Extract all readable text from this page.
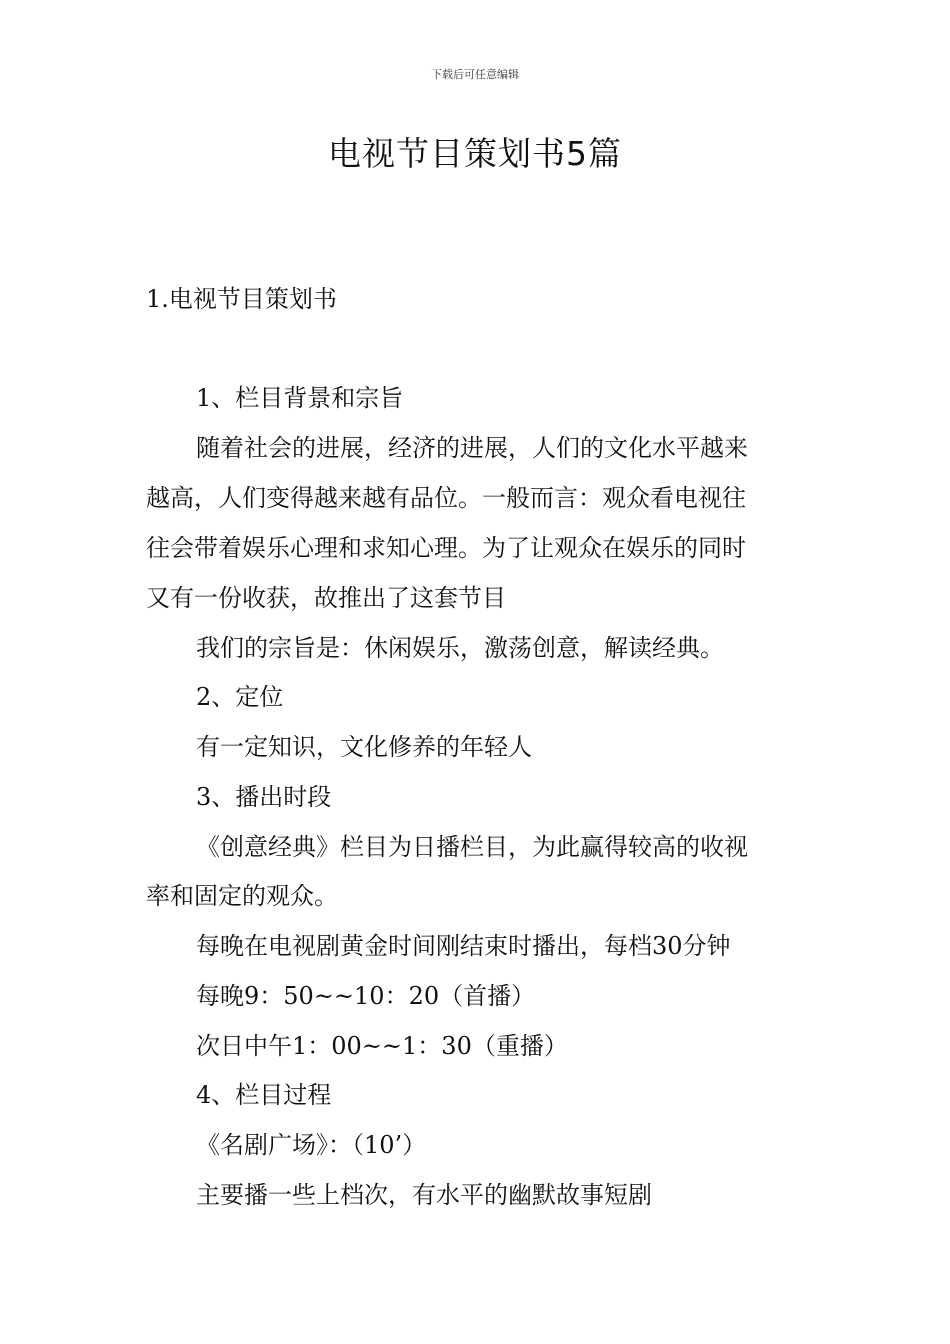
下载后可任意编辑
电视节目策划书5篇
1.电视节目策划书
1、栏目背景和宗旨
随着社会的进展，经济的进展，人们的文化水平越来
越高，人们变得越来越有品位。一般而言：观众看电视往
往会带着娱乐心理和求知心理。为了让观众在娱乐的同时
又有一份收获，故推出了这套节目
我们的宗旨是：休闲娱乐，激荡创意，解读经典。
2、定位
有一定知识，文化修养的年轻人
3、播出时段
《创意经典》栏目为日播栏目，为此赢得较高的收视
率和固定的观众。
每晚在电视剧黄金时间刚结束时播出，每档30分钟
每晚9：50~~10：20（首播）
次日中午1：00~~1：30（重播）
4、栏目过程
《名剧广场》：（10’）
主要播一些上档次，有水平的幽默故事短剧
